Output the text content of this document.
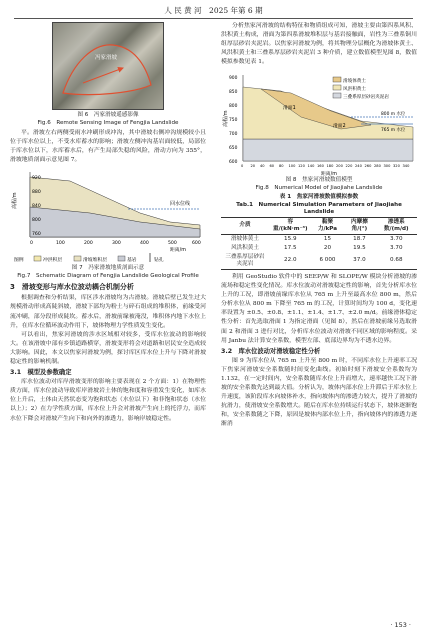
人 民 黄 河　2025 年第 6 期
冯家滑坡

图 6　冯家滑坡遥感影像

Fig.6　Remote Sensing Image of Fengjia Landslide

平。滑坡左右两侧受雨水冲刷形成冲沟，其中滑坡右侧冲沟规模较小且位于库水位以上，不受水库蓄水的影响；滑坡左侧冲沟基岩面较低，局部位于库水位以下，水库蓄水后，有产生局部失稳的风险，滑动方向为 355°，滑坡地质剖面示意见图 7。

回水位线
高程/m
920
880
840
800
760
0	100	200	300	400	500	600
距离/m
图例	冲洪积层	滑坡堆积层	基岩	钻孔

图 7　冯家滑坡地质剖面示意

Fig.7　Schematic Diagram of Fengjia Landslide Geological Profile

3　滑坡变形与库水位波动耦合机制分析

根据调查和分析结果，库区涉水滑坡均为古滑坡。滑坡后壁已发生过大规模滑动形成高陡斜坡，滑坡下部均为粉土与碎石组成的堆积体，前缘受河流冲刷，部分段形成陡坎。蓄水后，滑坡前缘被淹没，堆积体内地下水位上升，在库水位循环波动作用下，坡体物理力学性质发生变化。

可以看出，焦家河滑坡的涉水区域相对较多，受库水位波动的影响较大。在该滑坡中部有乡镇道路横穿，滑坡变形将会对道路和居民安全造成较大影响。因此，本文以焦家河滑坡为例，探讨库区库水位上升与下降对滑坡稳定性的影响机制。

3.1　模型及参数确定

库水位波动对库岸滑坡变形的影响主要表现在 2 个方面：1）在物理性质方面，库水位波动导致库岸滑坡岩土体的饱和度和容重发生变化，如库水位上升后，土体由天然状态变为饱和状态（水位以下）和非饱和状态（水位以上）；2）在力学性质方面，库水位上升会对滑坡产生向上的托浮力，而库水位下降会对滑坡产生向下和向外的渗透力，影响岸坡稳定性。

分析焦家河滑坡的结构特征和物质组成可知，滑坡主要由第四系风积、洪积黄土构成，滑面为第四系滑坡堆积层与基岩接触面，岩性为三叠系铜川组厚层砂岩夹泥岩。以焦家河滑坡为例，将其物理分层概化为滑坡体黄土、风洪积黄土和三叠系厚层砂岩夹泥岩 3 种介质，建立数值模型见图 8，数值模拟参数见表 1。

滑面1
滑面2
765 m 水位
800 m 水位
滑坡体黄土
风洪积黄土
三叠系厚层砂岩夹泥岩
高程/m
900
850
800
750
700
650
600
0 20 40 60 80 100 120 140 160 180 200 220 240 260 280 300 320 340
距离/m

图 8　焦家河滑坡数值模型

Fig.8　Numerical Model of Jiaojiahe Landslide

表 1　焦家河滑坡数值模拟参数

Tab.1　Numerical Simulation Parameters of Jiaojiahe Landslide

介质	容重/(kN·m⁻³)	黏聚力/kPa	内摩擦角/(°)	渗透系数/(m/d)
滑坡体黄土	15.9	15	18.7	3.70
风洪积黄土	17.5	20	19.5	3.70
三叠系厚层砂岩夹泥岩	22.0	6 000	37.0	0.68

利用 GeoStudio 软件中的 SEEP/W 和 SLOPE/W 模块分析滑坡的渗流场和稳定性变化情况。库水位波动对滑坡稳定性的影响，首先分析库水位上升的工况，即滑坡前缘库水位从 765 m 上升至最高水位 800 m，然后分析水位从 800 m 下降至 765 m 的工况，计算时间均为 100 d，变化速率设置为 ±0.5、±0.8、±1.1、±1.4、±1.7、±2.0 m/d。前缘滑体稳定性分析：首先选取滑面 1 为指定滑面（见图 8），然后在滑坡前缘另选取滑面 2 和滑面 3 进行对比，分析库水位波动对滑坡不同区域的影响程度。采用 Janbu 法计算安全系数，模型左部、底部边界均为不透水边界。

3.2　库水位波动对滑坡稳定性分析

图 9 为库水位从 765 m 上升至 800 m 时，不同库水位上升速率工况下焦家河滑坡安全系数随时间变化曲线。初始时刻下滑坡安全系数均为 1.132，在一定时间内，安全系数随库水位上升而增大，速率越快工况下滑坡的安全系数先达到最大值。分析认为，坡体内部水位上升滞后于库水位上升速度，该阶段库水向坡体补水，指向坡体内的渗透力较大，提升了滑坡的抗滑力，使滑坡安全系数增大。随后在库水位持续运行状态下，坡体逐渐饱和，安全系数随之下降，原因是坡体内部水位上升，指向坡体内的渗透力逐渐消

· 153 ·
